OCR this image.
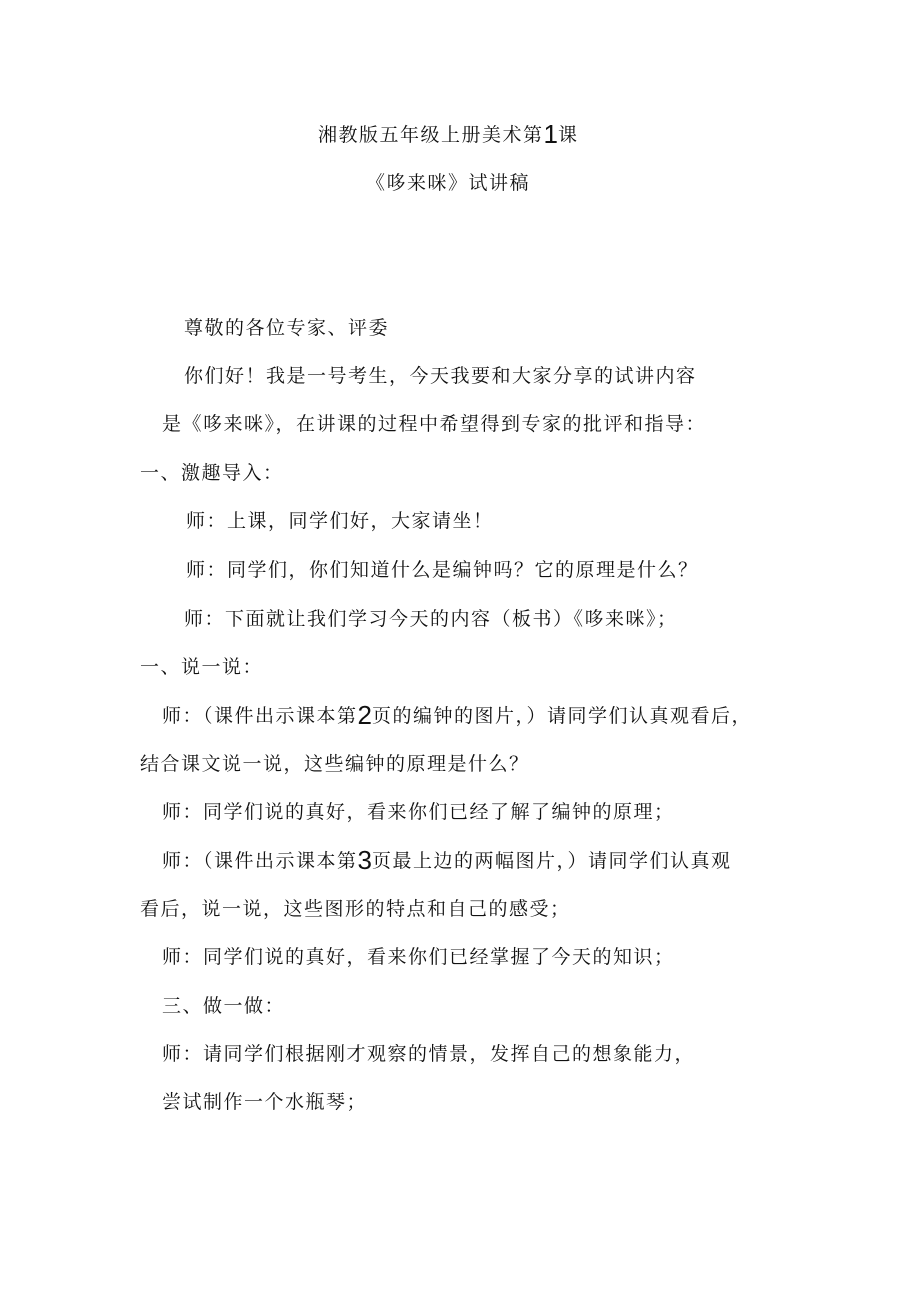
湘教版五年级上册美术第1课
《哆来咪》试讲稿
尊敬的各位专家、评委
你们好！我是一号考生，今天我要和大家分享的试讲内容
是《哆来咪》，在讲课的过程中希望得到专家的批评和指导：
一、激趣导入：
师：上课，同学们好，大家请坐！
师：同学们，你们知道什么是编钟吗？它的原理是什么？
师：下面就让我们学习今天的内容（板书）《哆来咪》；
一、说一说：
师：（课件出示课本第2页的编钟的图片，）请同学们认真观看后，
结合课文说一说，这些编钟的原理是什么？
师：同学们说的真好，看来你们已经了解了编钟的原理；
师：（课件出示课本第3页最上边的两幅图片，）请同学们认真观
看后，说一说，这些图形的特点和自己的感受；
师：同学们说的真好，看来你们已经掌握了今天的知识；
三、做一做：
师：请同学们根据刚才观察的情景，发挥自己的想象能力，
尝试制作一个水瓶琴；
